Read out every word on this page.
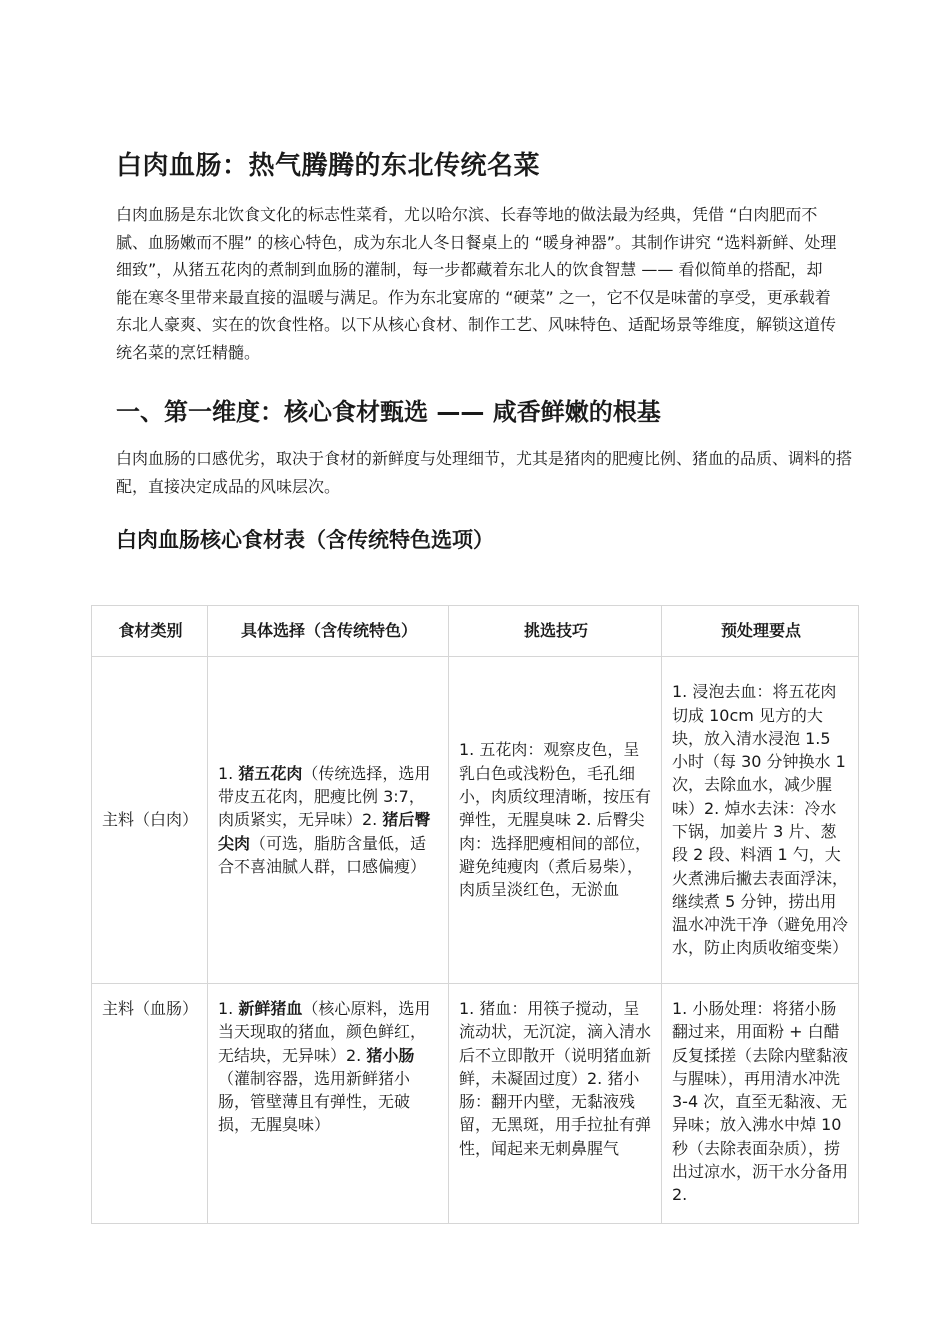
白肉血肠：热气腾腾的东北传统名菜

白肉血肠是东北饮食文化的标志性菜肴，尤以哈尔滨、长春等地的做法最为经典，凭借 “白肉肥而不腻、血肠嫩而不腥” 的核心特色，成为东北人冬日餐桌上的 “暖身神器”。其制作讲究 “选料新鲜、处理细致”，从猪五花肉的煮制到血肠的灌制，每一步都藏着东北人的饮食智慧 —— 看似简单的搭配，却能在寒冬里带来最直接的温暖与满足。作为东北宴席的 “硬菜” 之一，它不仅是味蕾的享受，更承载着东北人豪爽、实在的饮食性格。以下从核心食材、制作工艺、风味特色、适配场景等维度，解锁这道传统名菜的烹饪精髓。

一、第一维度：核心食材甄选 —— 咸香鲜嫩的根基

白肉血肠的口感优劣，取决于食材的新鲜度与处理细节，尤其是猪肉的肥瘦比例、猪血的品质、调料的搭配，直接决定成品的风味层次。

白肉血肠核心食材表（含传统特色选项）
食材类别	具体选择（含传统特色）	挑选技巧	预处理要点
主料（白肉）	1. 猪五花肉（传统选择，选用带皮五花肉，肥瘦比例 3:7，肉质紧实，无异味）2. 猪后臀尖肉（可选，脂肪含量低，适合不喜油腻人群，口感偏瘦）	1. 五花肉：观察皮色，呈乳白色或浅粉色，毛孔细小，肉质纹理清晰，按压有弹性，无腥臭味 2. 后臀尖肉：选择肥瘦相间的部位，避免纯瘦肉（煮后易柴），肉质呈淡红色，无淤血	1. 浸泡去血：将五花肉切成 10cm 见方的大块，放入清水浸泡 1.5 小时（每 30 分钟换水 1 次，去除血水，减少腥味）2. 焯水去沫：冷水下锅，加姜片 3 片、葱段 2 段、料酒 1 勺，大火煮沸后撇去表面浮沫，继续煮 5 分钟，捞出用温水冲洗干净（避免用冷水，防止肉质收缩变柴）
主料（血肠）	1. 新鲜猪血（核心原料，选用当天现取的猪血，颜色鲜红，无结块，无异味）2. 猪小肠（灌制容器，选用新鲜猪小肠，管壁薄且有弹性，无破损，无腥臭味）	1. 猪血：用筷子搅动，呈流动状，无沉淀，滴入清水后不立即散开（说明猪血新鲜，未凝固过度）2. 猪小肠：翻开内壁，无黏液残留，无黑斑，用手拉扯有弹性，闻起来无刺鼻腥气	1. 小肠处理：将猪小肠翻过来，用面粉 + 白醋反复揉搓（去除内壁黏液与腥味），再用清水冲洗 3-4 次，直至无黏液、无异味；放入沸水中焯 10 秒（去除表面杂质），捞出过凉水，沥干水分备用 2.
